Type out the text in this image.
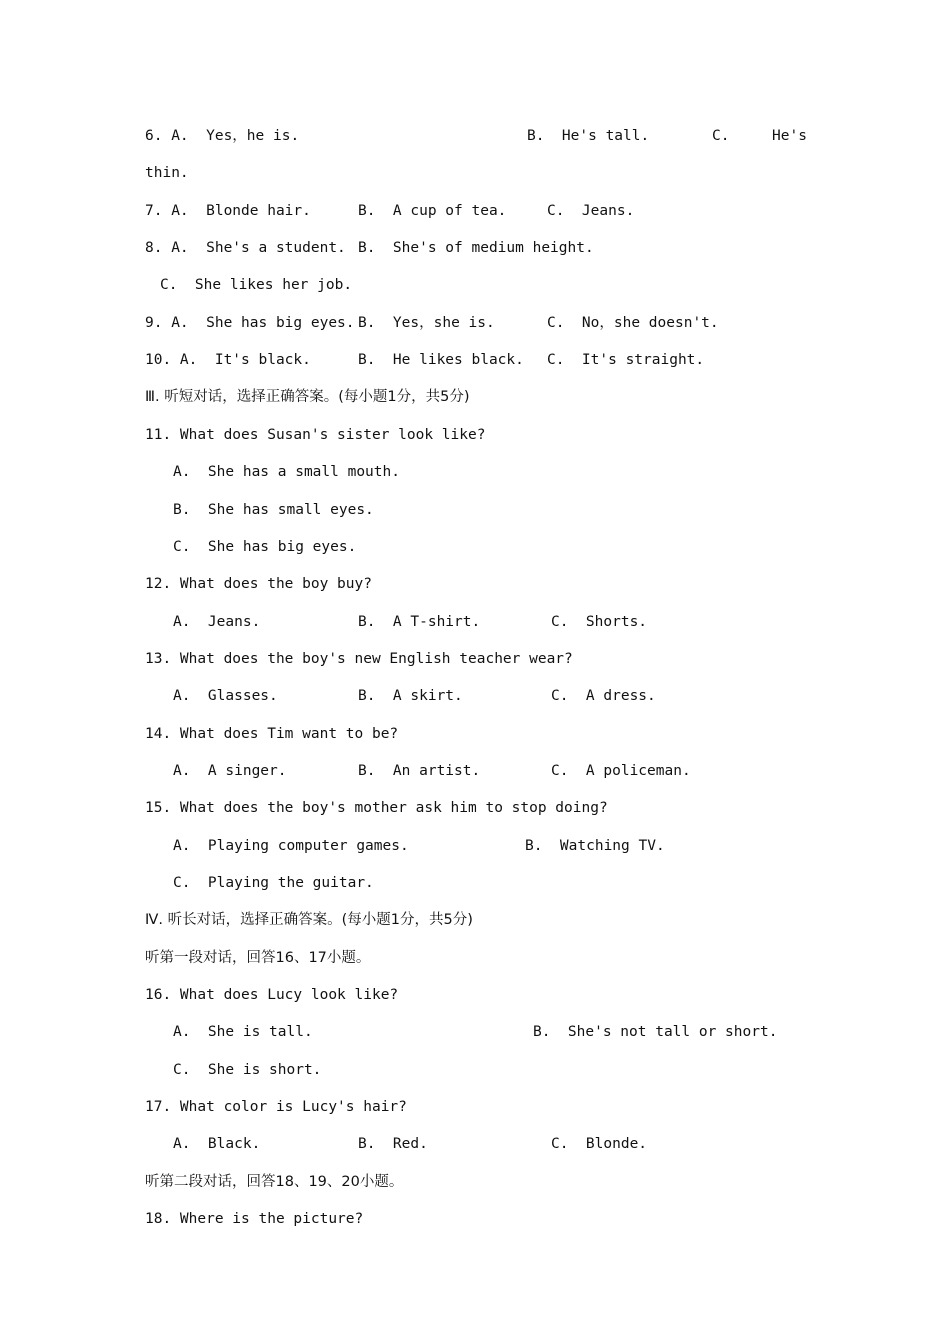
6. A.  Yes，he is.

	B.  He's tall.

	C.

	He's

thin.

7. A.  Blonde hair.

	B.  A cup of tea.

	C.  Jeans.

8. A.  She's a student.

B.  She's of medium height.

C.  She likes her job.

9. A.  She has big eyes.

B.  Yes，she is.

	C.  No，she doesn't.

10. A.  It's black.

	B.  He likes black.

C.  It's straight.

Ⅲ. 听短对话，选择正确答案。(每小题1分，共5分)

11. What does Susan's sister look like?

A.  She has a small mouth.

B.  She has small eyes.

C.  She has big eyes.

12. What does the boy buy?

A.  Jeans.

	B.  A T-shirt.

	C.  Shorts.

13. What does the boy's new English teacher wear?

A.  Glasses.

	B.  A skirt.

	C.  A dress.

14. What does Tim want to be?

A.  A singer.

	B.  An artist.

	C.  A policeman.

15. What does the boy's mother ask him to stop doing?

A.  Playing computer games.

	B.  Watching TV.

C.  Playing the guitar.

Ⅳ. 听长对话，选择正确答案。(每小题1分，共5分)

听第一段对话，回答16、17小题。

16. What does Lucy look like?

A.  She is tall.

	B.  She's not tall or short.

C.  She is short.

17. What color is Lucy's hair?

A.  Black.

	B.  Red.

	C.  Blonde.

听第二段对话，回答18、19、20小题。

18. Where is the picture?
